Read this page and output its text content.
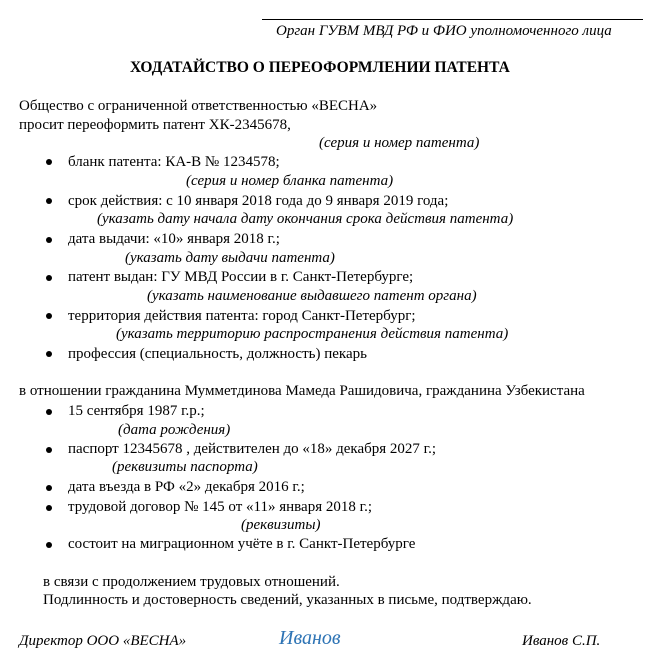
Орган ГУВМ МВД РФ и ФИО уполномоченного лица
ХОДАТАЙСТВО О ПЕРЕОФОРМЛЕНИИ ПАТЕНТА
Общество с ограниченной ответственностью «ВЕСНА»
просит переоформить патент ХК-2345678,
(серия и номер патента)
бланк патента: КА-В № 1234578;
(серия и номер бланка патента)
срок действия: с 10 января 2018 года до 9 января 2019 года;
(указать дату начала дату окончания срока действия патента)
дата выдачи: «10» января 2018 г.;
(указать дату выдачи патента)
патент выдан: ГУ МВД России в г. Санкт-Петербурге;
(указать наименование выдавшего патент органа)
территория действия патента: город Санкт-Петербург;
(указать территорию распространения действия патента)
профессия (специальность, должность) пекарь
в отношении гражданина Мумметдинова Мамеда Рашидовича, гражданина Узбекистана
15 сентября 1987 г.р.;
(дата рождения)
паспорт 12345678 , действителен до «18» декабря 2027 г.;
(реквизиты паспорта)
дата въезда в РФ «2» декабря 2016 г.;
трудовой договор № 145 от «11» января 2018 г.;
(реквизиты)
состоит на миграционном учёте в г. Санкт-Петербурге
в связи с продолжением трудовых отношений.
Подлинность и достоверность сведений, указанных в письме, подтверждаю.
Директор ООО «ВЕСНА»	Иванов	Иванов С.П.
